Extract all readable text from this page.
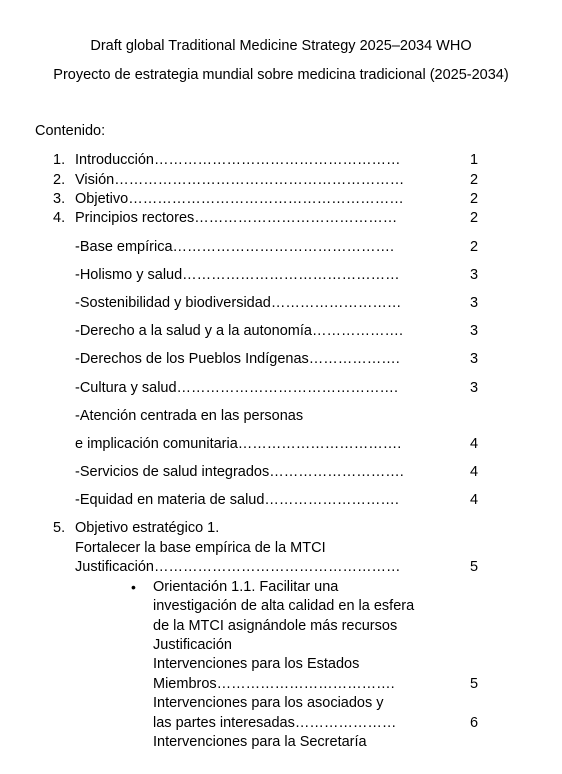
Draft global Traditional Medicine Strategy 2025–2034 WHO
Proyecto de estrategia mundial sobre medicina tradicional (2025-2034)
Contenido:
1. Introducción……………………………………………	1
2. Visión……………………………………………………	2
3. Objetivo…………………………………………………	2
4. Principios rectores……………………………………	2
-Base empírica……………………………………….	2
-Holismo y salud………………………………………	3
-Sostenibilidad y biodiversidad………………………	3
-Derecho a la salud y a la autonomía……………….	3
-Derechos de los Pueblos Indígenas……………….	3
-Cultura y salud……………………………………….	3
-Atención centrada en las personas
e implicación comunitaria…………………………….	4
-Servicios de salud integrados……………………….	4
-Equidad en materia de salud……………………….	4
5. Objetivo estratégico 1.
Fortalecer la base empírica de la MTCI
Justificación……………………………………………	5
• Orientación 1.1. Facilitar una
investigación de alta calidad en la esfera
de la MTCI asignándole más recursos
Justificación
Intervenciones para los Estados
Miembros……………………………….	5
Intervenciones para los asociados y
las partes interesadas…………………	6
Intervenciones para la Secretaría
